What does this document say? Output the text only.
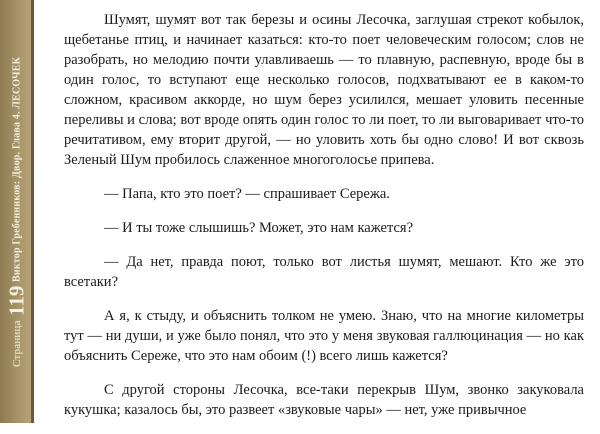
Страница
119
Виктор Гребенников: Двор. Глава 4. ЛЕСОЧЕК

Шумят, шумят вот так березы и осины Лесочка, заглушая стрекот кобылок, щебетанье птиц, и начинает казаться: кто-то поет человеческим голосом; слов не разобрать, но мелодию почти улавливаешь — то плавную, распевную, вроде бы в один голос, то вступают еще несколько голосов, подхватывают ее в каком-то сложном, красивом аккорде, но шум берез усилился, мешает уловить песенные переливы и слова; вот вроде опять один голос то ли поет, то ли выговаривает что-то речитативом, ему вторит другой, — но уловить хоть бы одно слово! И вот сквозь Зеленый Шум пробилось слаженное многоголосье припева.

— Папа, кто это поет? — спрашивает Сережа.

— И ты тоже слышишь? Может, это нам кажется?

— Да нет, правда поют, только вот листья шумят, мешают. Кто же это всетаки?

А я, к стыду, и объяснить толком не умею. Знаю, что на многие километры тут — ни души, и уже было понял, что это у меня звуковая галлюцинация — но как объяснить Сереже, что это нам обоим (!) всего лишь кажется?

С другой стороны Лесочка, все-таки перекрыв Шум, звонко закуковала кукушка; казалось бы, это развеет «звуковые чары» — нет, уже привычное
